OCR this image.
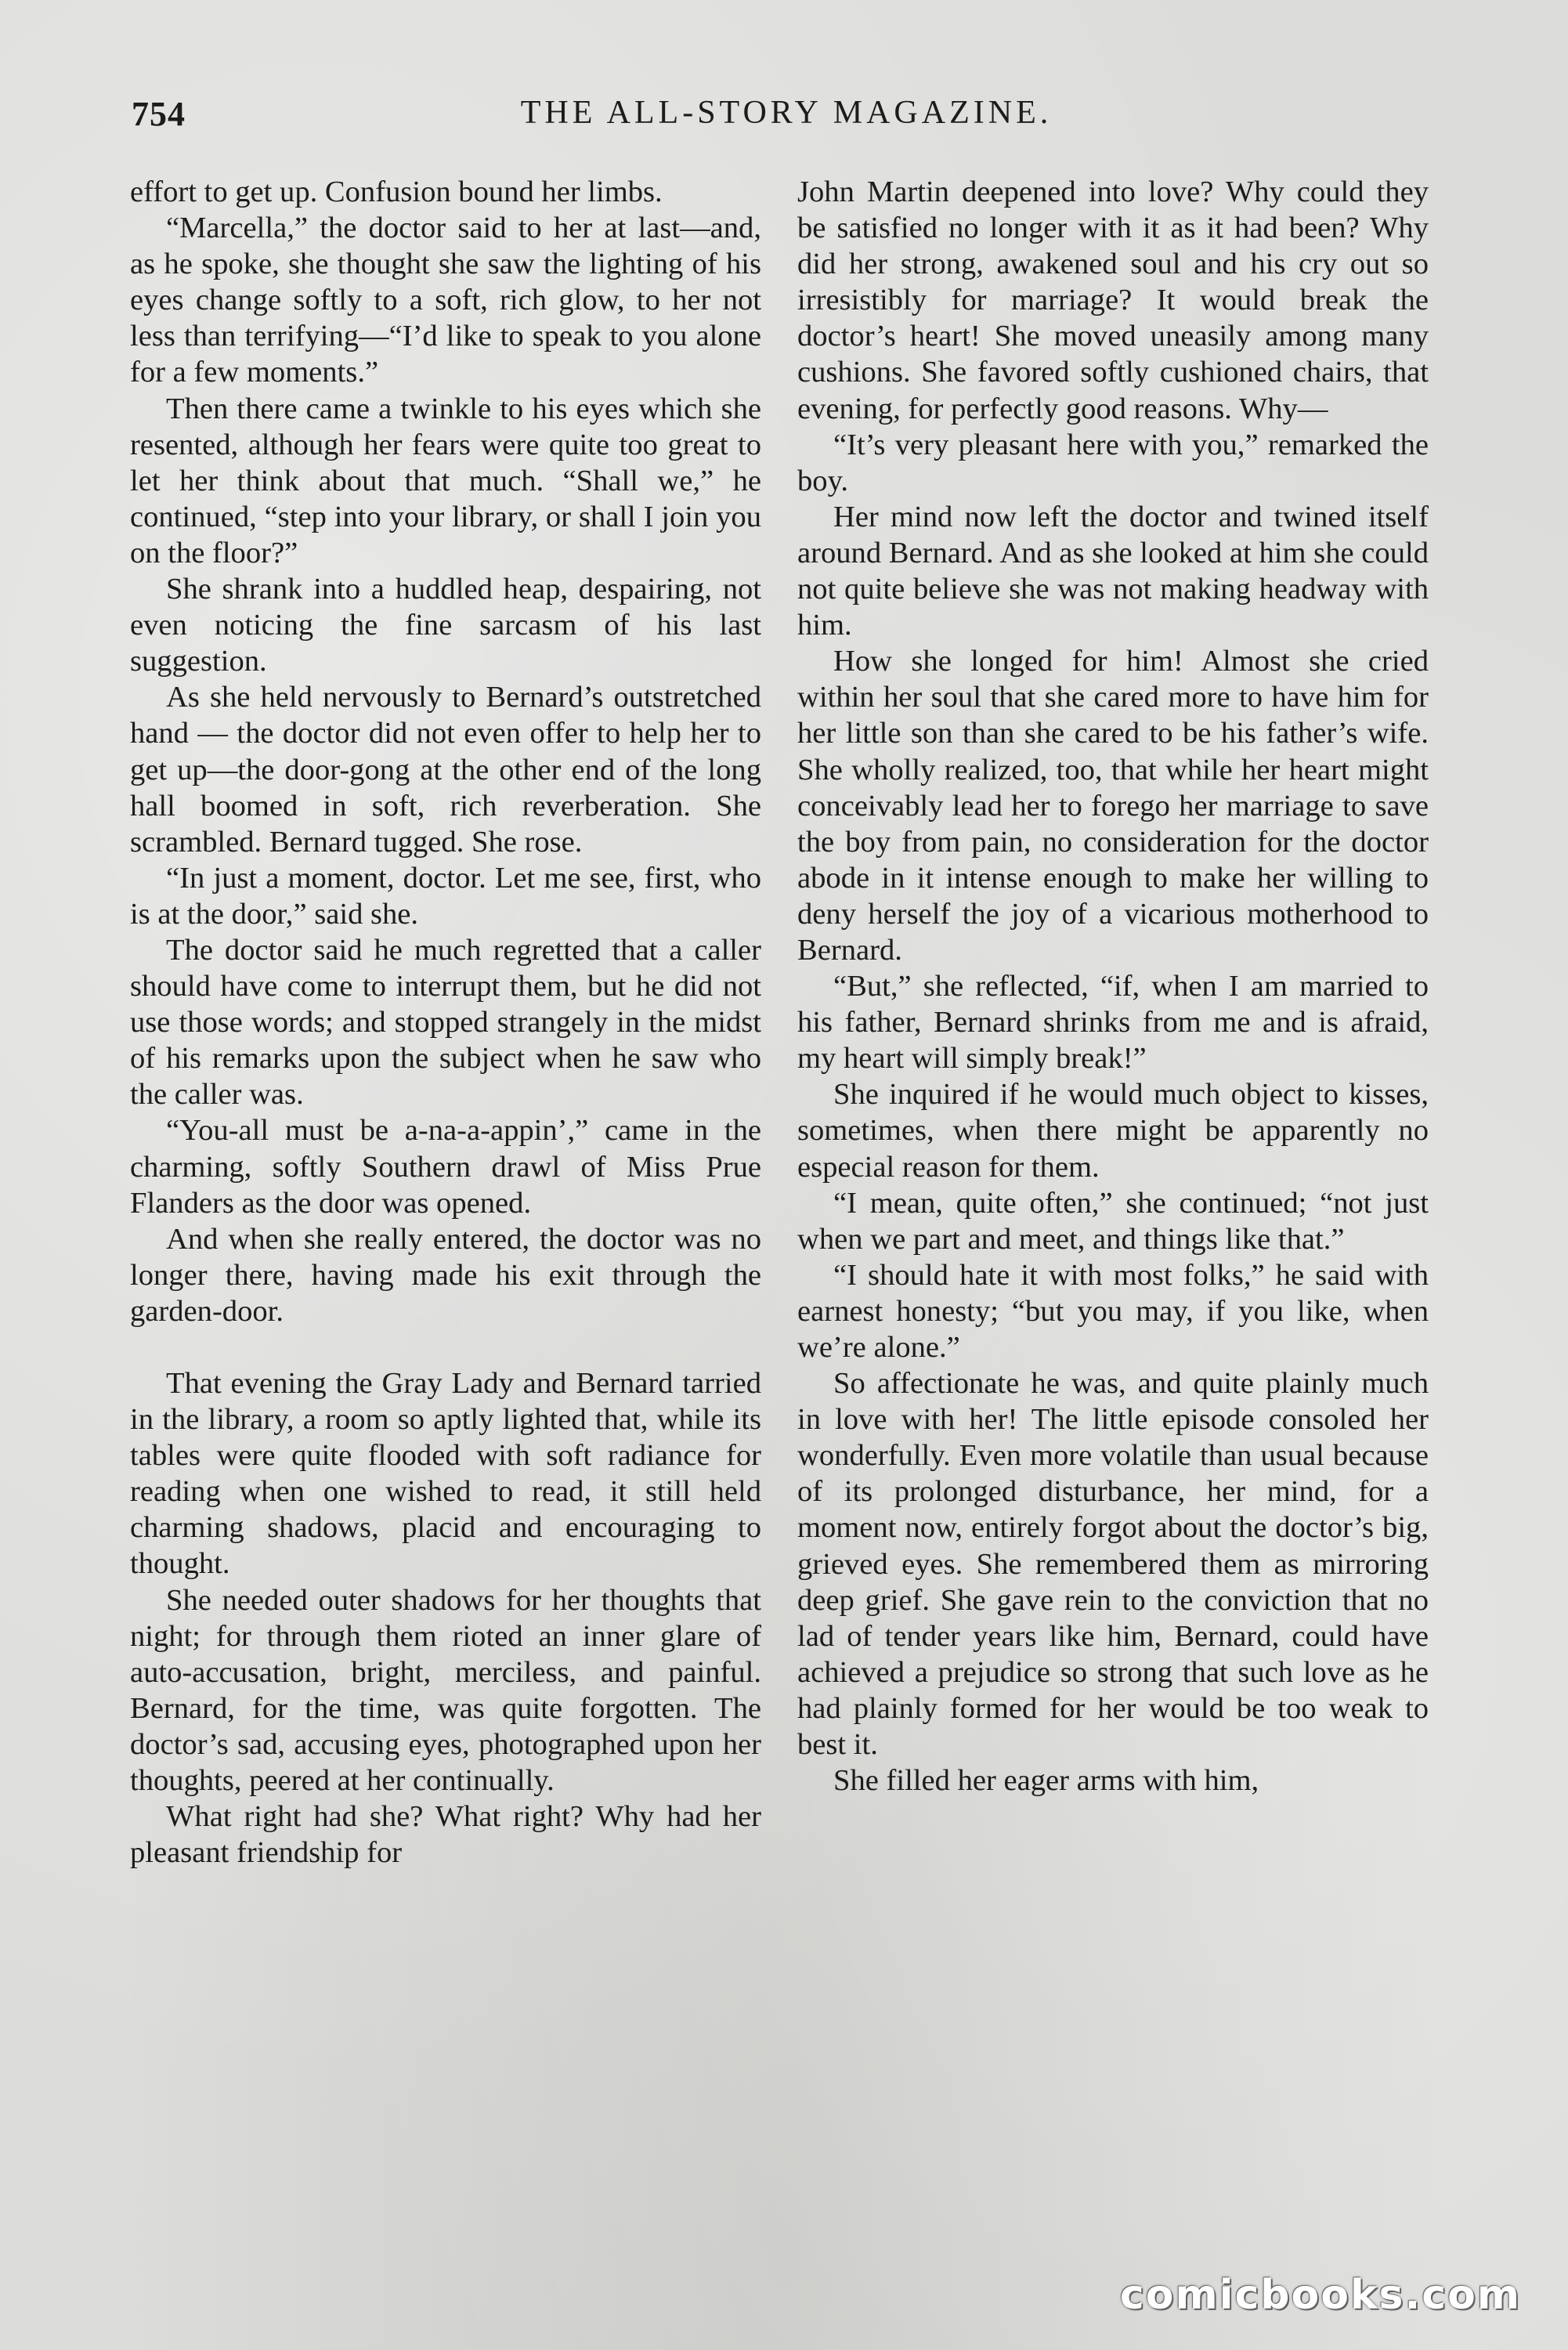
THE ALL-STORY MAGAZINE.
754

effort to get up. Confusion bound her limbs.

“Marcella,” the doctor said to her at last—and, as he spoke, she thought she saw the lighting of his eyes change softly to a soft, rich glow, to her not less than terrifying—“I’d like to speak to you alone for a few moments.”

Then there came a twinkle to his eyes which she resented, although her fears were quite too great to let her think about that much. “Shall we,” he continued, “step into your library, or shall I join you on the floor?”

She shrank into a huddled heap, despairing, not even noticing the fine sarcasm of his last suggestion.

As she held nervously to Bernard’s outstretched hand — the doctor did not even offer to help her to get up—the door-gong at the other end of the long hall boomed in soft, rich reverberation. She scrambled. Bernard tugged. She rose.

“In just a moment, doctor. Let me see, first, who is at the door,” said she.

The doctor said he much regretted that a caller should have come to interrupt them, but he did not use those words; and stopped strangely in the midst of his remarks upon the subject when he saw who the caller was.

“You-all must be a-na-a-appin’,” came in the charming, softly Southern drawl of Miss Prue Flanders as the door was opened.

And when she really entered, the doctor was no longer there, having made his exit through the garden-door.

That evening the Gray Lady and Bernard tarried in the library, a room so aptly lighted that, while its tables were quite flooded with soft radiance for reading when one wished to read, it still held charming shadows, placid and encouraging to thought.

She needed outer shadows for her thoughts that night; for through them rioted an inner glare of auto-accusation, bright, merciless, and painful. Bernard, for the time, was quite forgotten. The doctor’s sad, accusing eyes, photographed upon her thoughts, peered at her continually.

What right had she? What right? Why had her pleasant friendship for

John Martin deepened into love? Why could they be satisfied no longer with it as it had been? Why did her strong, awakened soul and his cry out so irresistibly for marriage? It would break the doctor’s heart! She moved uneasily among many cushions. She favored softly cushioned chairs, that evening, for perfectly good reasons. Why—

“It’s very pleasant here with you,” remarked the boy.

Her mind now left the doctor and twined itself around Bernard. And as she looked at him she could not quite believe she was not making headway with him.

How she longed for him! Almost she cried within her soul that she cared more to have him for her little son than she cared to be his father’s wife. She wholly realized, too, that while her heart might conceivably lead her to forego her marriage to save the boy from pain, no consideration for the doctor abode in it intense enough to make her willing to deny herself the joy of a vicarious motherhood to Bernard.

“But,” she reflected, “if, when I am married to his father, Bernard shrinks from me and is afraid, my heart will simply break!”

She inquired if he would much object to kisses, sometimes, when there might be apparently no especial reason for them.

“I mean, quite often,” she continued; “not just when we part and meet, and things like that.”

“I should hate it with most folks,” he said with earnest honesty; “but you may, if you like, when we’re alone.”

So affectionate he was, and quite plainly much in love with her! The little episode consoled her wonderfully. Even more volatile than usual because of its prolonged disturbance, her mind, for a moment now, entirely forgot about the doctor’s big, grieved eyes. She remembered them as mirroring deep grief. She gave rein to the conviction that no lad of tender years like him, Bernard, could have achieved a prejudice so strong that such love as he had plainly formed for her would be too weak to best it.

She filled her eager arms with him,

comicbooks.com
